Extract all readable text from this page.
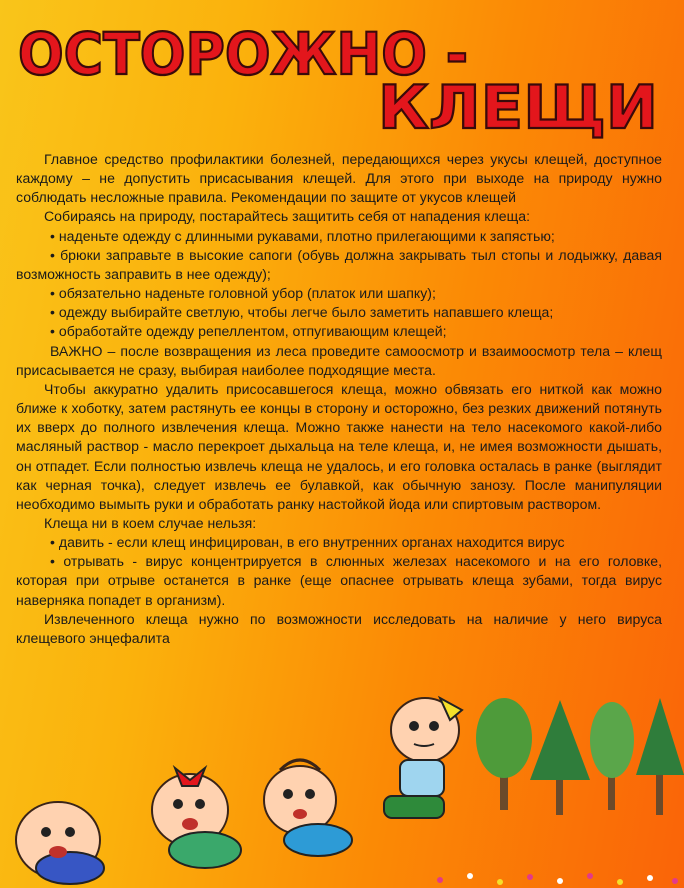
ОСТОРОЖНО -
КЛЕЩИ

Главное средство профилактики болезней, передающихся через укусы клещей, доступное каждому – не допустить присасывания клещей. Для этого при выходе на природу нужно соблюдать несложные правила. Рекомендации по защите от укусов клещей

Собираясь на природу, постарайтесь защитить себя от нападения клеща:

• наденьте одежду с длинными рукавами, плотно прилегающими к запястью;

• брюки заправьте в высокие сапоги (обувь должна закрывать тыл стопы и лодыжку, давая возможность заправить в нее одежду);

• обязательно наденьте головной убор (платок или шапку);

• одежду выбирайте светлую, чтобы легче было заметить напавшего клеща;

• обработайте одежду репеллентом, отпугивающим клещей;

ВАЖНО – после возвращения из леса проведите самоосмотр и взаимоосмотр тела – клещ присасывается не сразу, выбирая наиболее подходящие места.

Чтобы аккуратно удалить присосавшегося клеща, можно обвязать его ниткой как можно ближе к хоботку, затем растянуть ее концы в сторону и осторожно, без резких движений потянуть их вверх до полного извлечения клеща. Можно также нанести на тело насекомого какой-либо масляный раствор - масло перекроет дыхальца на теле клеща, и, не имея возможности дышать, он отпадет. Если полностью извлечь клеща не удалось, и его головка осталась в ранке (выглядит как черная точка), следует извлечь ее булавкой, как обычную занозу. После манипуляции необходимо вымыть руки и обработать ранку настойкой йода или спиртовым раствором.

Клеща ни в коем случае нельзя:

• давить - если клещ инфицирован, в его внутренних органах находится вирус

• отрывать - вирус концентрируется в слюнных железах насекомого и на его головке, которая при отрыве останется в ранке (еще опаснее отрывать клеща зубами, тогда вирус наверняка попадет в организм).

Извлеченного клеща нужно по возможности исследовать на наличие у него вируса клещевого энцефалита
